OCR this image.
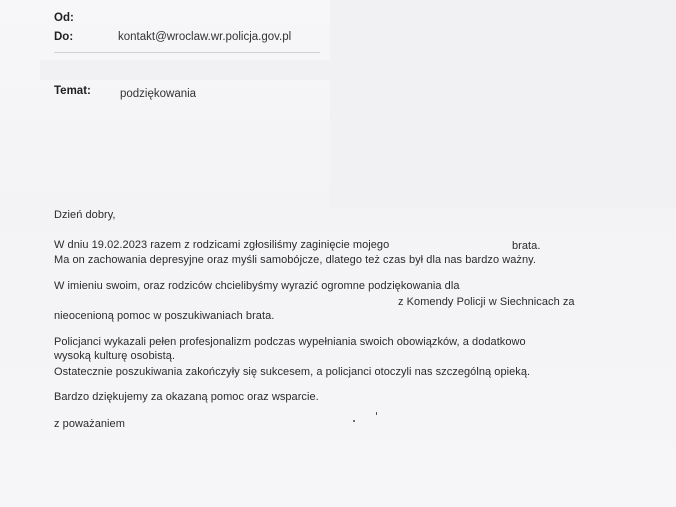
Od:
Do:	kontakt@wroclaw.wr.policja.gov.pl
Temat:	podziękowania
Dzień dobry,
W dniu 19.02.2023 razem z rodzicami zgłosiliśmy zaginięcie mojego	brata.
Ma on zachowania depresyjne oraz myśli samobójcze, dlatego też czas był dla nas bardzo ważny.
W imieniu swoim, oraz rodziców chcielibyśmy wyrazić ogromne podziękowania dla
z Komendy Policji w Siechnicach za
nieocenioną pomoc w poszukiwaniach brata.
Policjanci wykazali pełen profesjonalizm podczas wypełniania swoich obowiązków, a dodatkowo
wysoką kulturę osobistą.
Ostatecznie poszukiwania zakończyły się sukcesem, a policjanci otoczyli nas szczególną opieką.
Bardzo dziękujemy za okazaną pomoc oraz wsparcie.
z poważaniem
